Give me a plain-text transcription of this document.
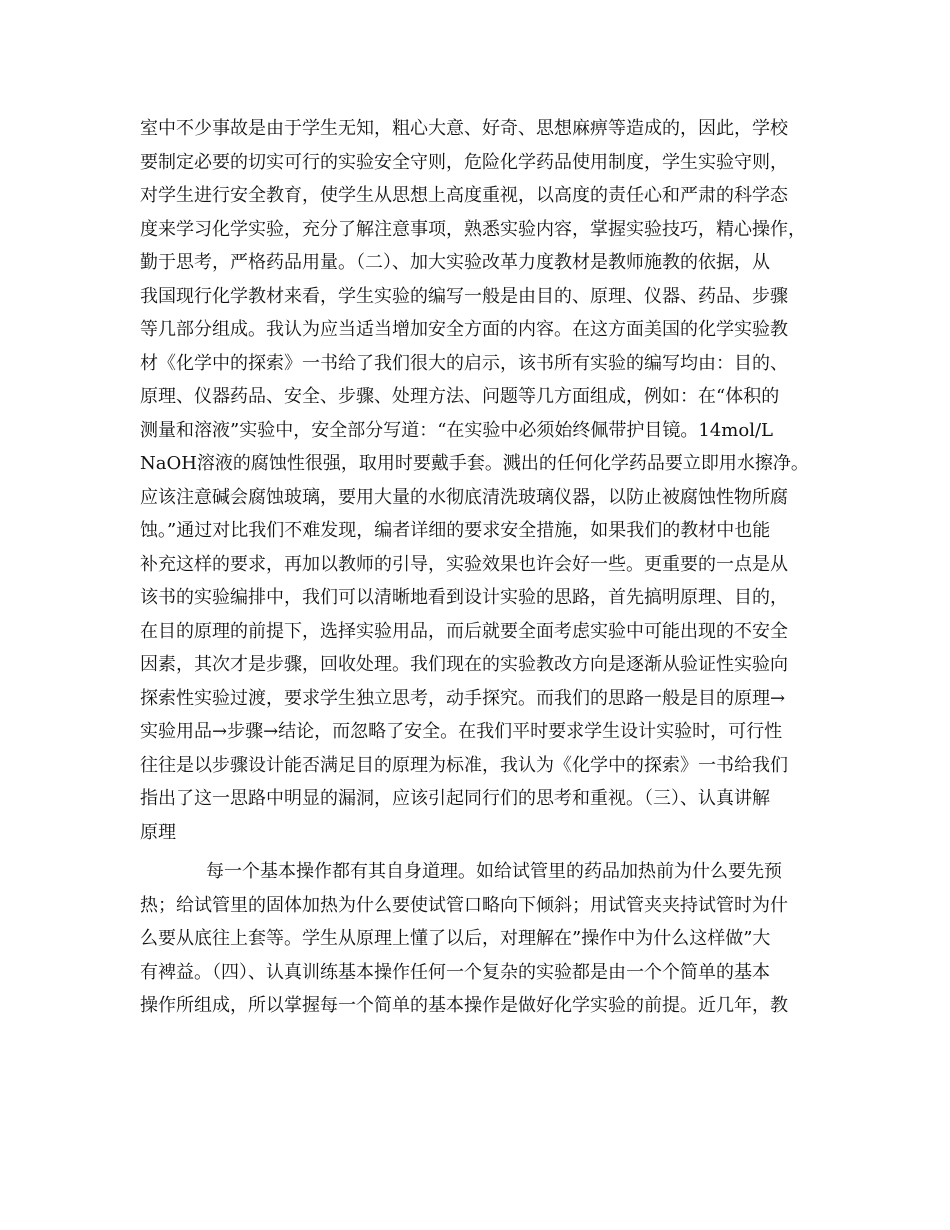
室中不少事故是由于学生无知，粗心大意、好奇、思想麻痹等造成的，因此，学校
要制定必要的切实可行的实验安全守则，危险化学药品使用制度，学生实验守则，
对学生进行安全教育，使学生从思想上高度重视，以高度的责任心和严肃的科学态
度来学习化学实验，充分了解注意事项，熟悉实验内容，掌握实验技巧，精心操作，
勤于思考，严格药品用量。（二）、加大实验改革力度教材是教师施教的依据，从
我国现行化学教材来看，学生实验的编写一般是由目的、原理、仪器、药品、步骤
等几部分组成。我认为应当适当增加安全方面的内容。在这方面美国的化学实验教
材《化学中的探索》一书给了我们很大的启示，该书所有实验的编写均由：目的、
原理、仪器药品、安全、步骤、处理方法、问题等几方面组成，例如：在“体积的
测量和溶液”实验中，安全部分写道：“在实验中必须始终佩带护目镜。14mol/L
NaOH溶液的腐蚀性很强，取用时要戴手套。溅出的任何化学药品要立即用水擦净。
应该注意碱会腐蚀玻璃，要用大量的水彻底清洗玻璃仪器，以防止被腐蚀性物所腐
蚀。”通过对比我们不难发现，编者详细的要求安全措施，如果我们的教材中也能
补充这样的要求，再加以教师的引导，实验效果也许会好一些。更重要的一点是从
该书的实验编排中，我们可以清晰地看到设计实验的思路，首先搞明原理、目的，
在目的原理的前提下，选择实验用品，而后就要全面考虑实验中可能出现的不安全
因素，其次才是步骤，回收处理。我们现在的实验教改方向是逐渐从验证性实验向
探索性实验过渡，要求学生独立思考，动手探究。而我们的思路一般是目的原理→
实验用品→步骤→结论，而忽略了安全。在我们平时要求学生设计实验时，可行性
往往是以步骤设计能否满足目的原理为标准，我认为《化学中的探索》一书给我们
指出了这一思路中明显的漏洞，应该引起同行们的思考和重视。（三）、认真讲解
原理
每一个基本操作都有其自身道理。如给试管里的药品加热前为什么要先预
热；给试管里的固体加热为什么要使试管口略向下倾斜；用试管夹夹持试管时为什
么要从底往上套等。学生从原理上懂了以后，对理解在”操作中为什么这样做”大
有裨益。（四）、认真训练基本操作任何一个复杂的实验都是由一个个简单的基本
操作所组成，所以掌握每一个简单的基本操作是做好化学实验的前提。近几年，教
